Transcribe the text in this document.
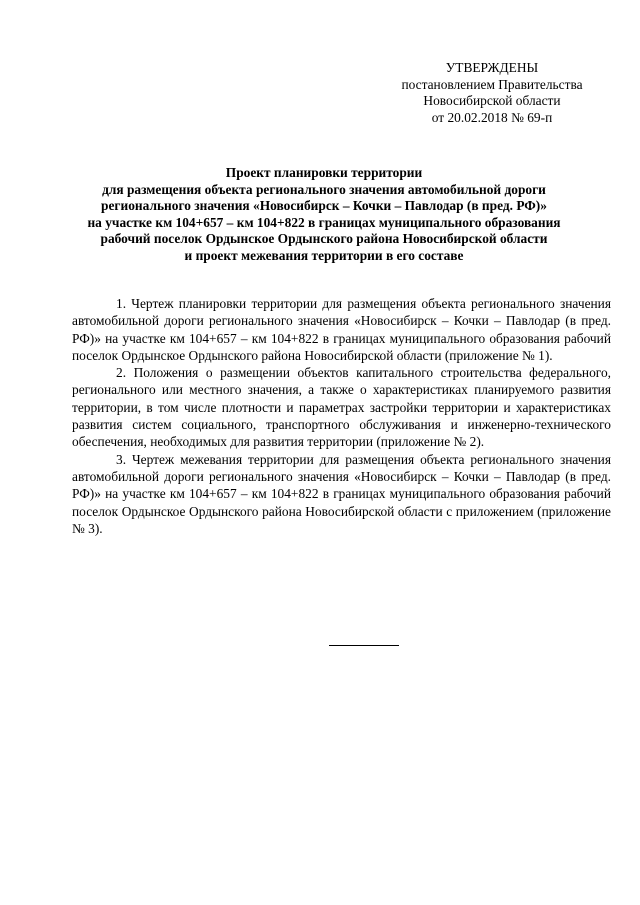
УТВЕРЖДЕНЫ
постановлением Правительства
Новосибирской области
от 20.02.2018 № 69-п
Проект планировки территории
для размещения объекта регионального значения автомобильной дороги
регионального значения «Новосибирск – Кочки – Павлодар (в пред. РФ)»
на участке км 104+657 – км 104+822 в границах муниципального образования
рабочий поселок Ордынское Ордынского района Новосибирской области
и проект межевания территории в его составе

1. Чертеж планировки территории для размещения объекта регионального значения автомобильной дороги регионального значения «Новосибирск – Кочки – Павлодар (в пред. РФ)» на участке км 104+657 – км 104+822 в границах муниципального образования рабочий поселок Ордынское Ордынского района Новосибирской области (приложение № 1).

2. Положения о размещении объектов капитального строительства федерального, регионального или местного значения, а также о характеристиках планируемого развития территории, в том числе плотности и параметрах застройки территории и характеристиках развития систем социального, транспортного обслуживания и инженерно-технического обеспечения, необходимых для развития территории (приложение № 2).

3. Чертеж межевания территории для размещения объекта регионального значения автомобильной дороги регионального значения «Новосибирск – Кочки – Павлодар (в пред. РФ)» на участке км 104+657 – км 104+822 в границах муниципального образования рабочий поселок Ордынское Ордынского района Новосибирской области с приложением (приложение № 3).
